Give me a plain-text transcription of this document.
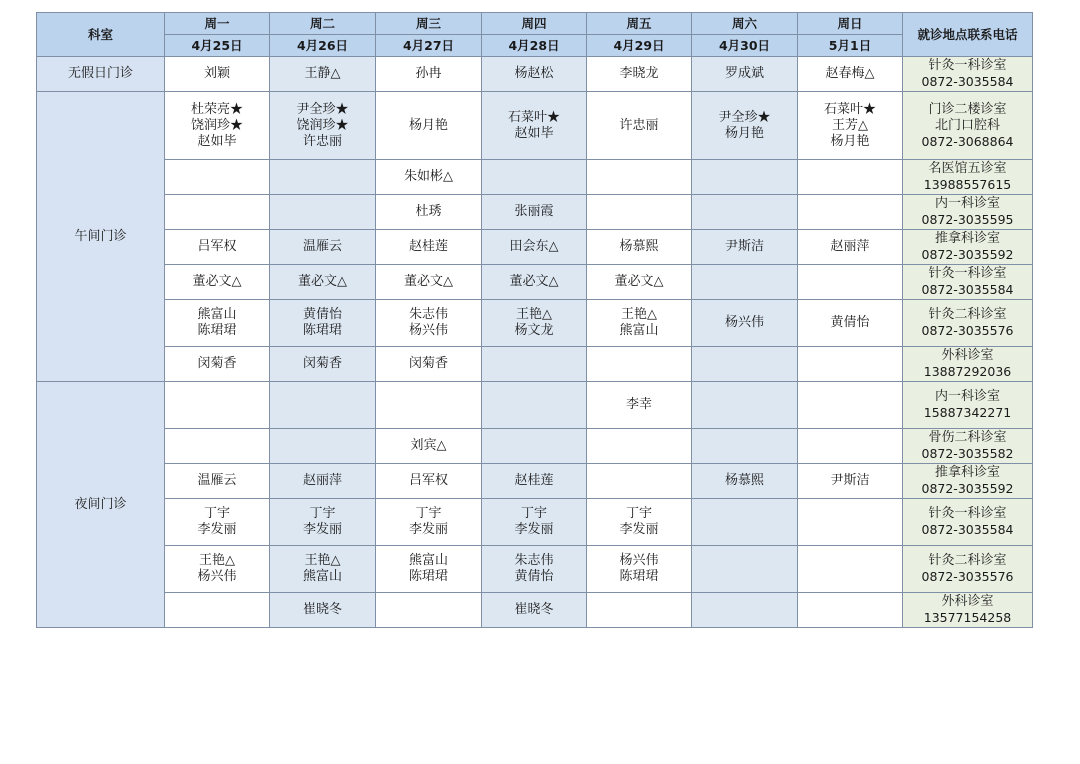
科室	周一	周二	周三	周四	周五	周六	周日	就诊地点联系电话
	4月25日	4月26日	4月27日	4月28日	4月29日	4月30日	5月1日	
无假日门诊	刘颖	王静△	孙冉	杨赵松	李晓龙	罗成斌	赵春梅△	针灸一科诊室
0872-3035584

午间门诊	杜荣亮★
饶润珍★
赵如毕	尹全珍★
饶润珍★
许忠丽	杨月艳	石菜叶★
赵如毕	许忠丽	尹全珍★
杨月艳	石菜叶★
王芳△
杨月艳	门诊二楼诊室
北门口腔科
0872-3068864

			朱如彬△					名医馆五诊室
13988557615

			杜琇	张丽霞				内一科诊室
0872-3035595

	吕军权	温雁云	赵桂莲	田会东△	杨慕熙	尹斯洁	赵丽萍	推拿科诊室
0872-3035592

	董必文△	董必文△	董必文△	董必文△	董必文△			针灸一科诊室
0872-3035584

	熊富山
陈珺珺	黄倩怡
陈珺珺	朱志伟
杨兴伟	王艳△
杨文龙	王艳△
熊富山	杨兴伟	黄倩怡	针灸二科诊室
0872-3035576

	闵菊香	闵菊香	闵菊香					外科诊室
13887292036

夜间门诊					李幸			内一科诊室
15887342271

			刘宾△					骨伤二科诊室
0872-3035582

	温雁云	赵丽萍	吕军权	赵桂莲		杨慕熙	尹斯洁	推拿科诊室
0872-3035592

	丁宇
李发丽	丁宇
李发丽	丁宇
李发丽	丁宇
李发丽	丁宇
李发丽			针灸一科诊室
0872-3035584

	王艳△
杨兴伟	王艳△
熊富山	熊富山
陈珺珺	朱志伟
黄倩怡	杨兴伟
陈珺珺			针灸二科诊室
0872-3035576

		崔晓冬		崔晓冬				外科诊室
13577154258
